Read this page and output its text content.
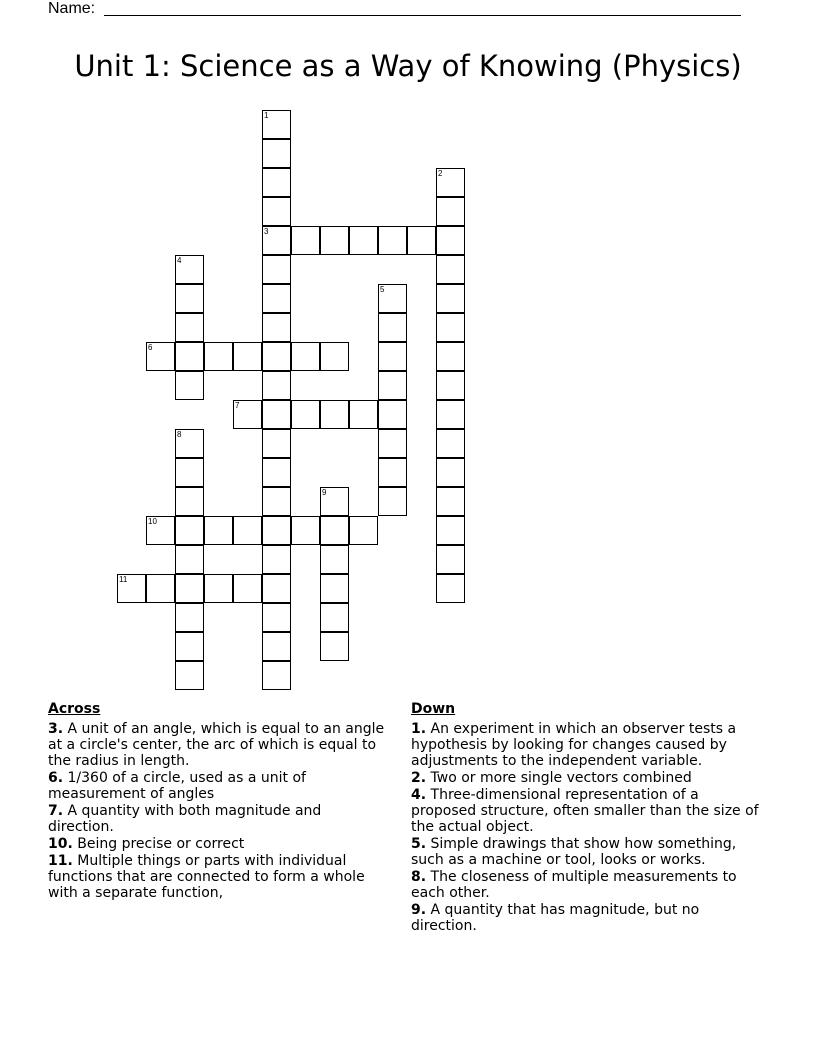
Name:
Unit 1: Science as a Way of Knowing (Physics)
1
3
2
4
5
6
7
8
9
10
11
Across
3. A unit of an angle, which is equal to an angle at a circle's center, the arc of which is equal to the radius in length.
6. 1/360 of a circle, used as a unit of measurement of angles
7. A quantity with both magnitude and direction.
10. Being precise or correct
11. Multiple things or parts with individual functions that are connected to form a whole with a separate function,
Down
1. An experiment in which an observer tests a hypothesis by looking for changes caused by adjustments to the independent variable.
2. Two or more single vectors combined
4. Three-dimensional representation of a proposed structure, often smaller than the size of the actual object.
5. Simple drawings that show how something, such as a machine or tool, looks or works.
8. The closeness of multiple measurements to each other.
9. A quantity that has magnitude, but no direction.
